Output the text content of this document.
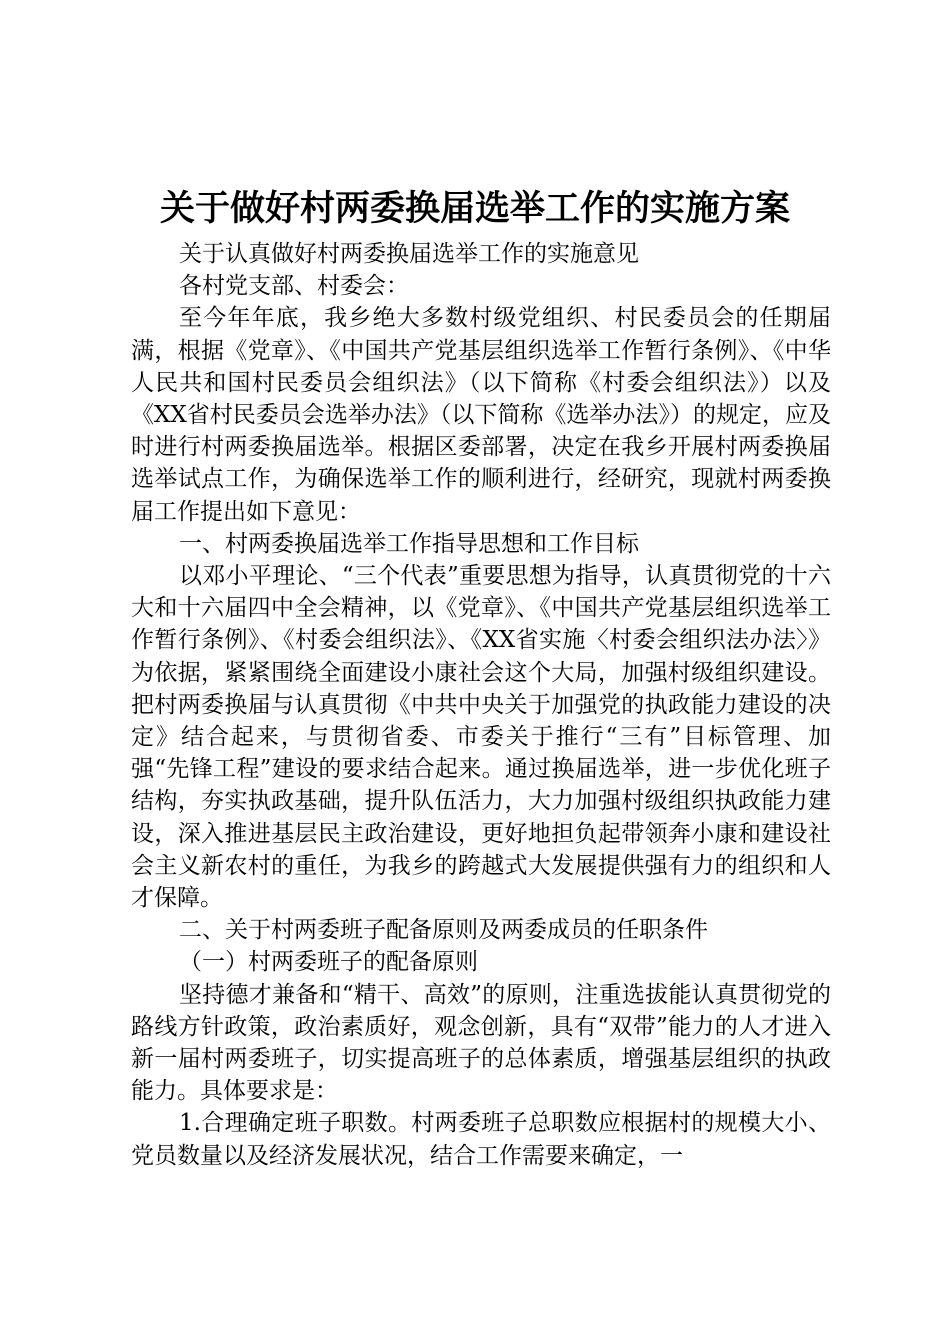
关于做好村两委换届选举工作的实施方案

关于认真做好村两委换届选举工作的实施意见

各村党支部、村委会：

至今年年底，我乡绝大多数村级党组织、村民委员会的任期届满，根据《党章》、《中国共产党基层组织选举工作暂行条例》、《中华人民共和国村民委员会组织法》（以下简称《村委会组织法》）以及《XX省村民委员会选举办法》（以下简称《选举办法》）的规定，应及时进行村两委换届选举。根据区委部署，决定在我乡开展村两委换届选举试点工作，为确保选举工作的顺利进行，经研究，现就村两委换届工作提出如下意见：

一、村两委换届选举工作指导思想和工作目标

以邓小平理论、“三个代表”重要思想为指导，认真贯彻党的十六大和十六届四中全会精神，以《党章》、《中国共产党基层组织选举工作暂行条例》、《村委会组织法》、《XX省实施〈村委会组织法办法〉》为依据，紧紧围绕全面建设小康社会这个大局，加强村级组织建设。把村两委换届与认真贯彻《中共中央关于加强党的执政能力建设的决定》结合起来，与贯彻省委、市委关于推行“三有”目标管理、加强“先锋工程”建设的要求结合起来。通过换届选举，进一步优化班子结构，夯实执政基础，提升队伍活力，大力加强村级组织执政能力建设，深入推进基层民主政治建设，更好地担负起带领奔小康和建设社会主义新农村的重任，为我乡的跨越式大发展提供强有力的组织和人才保障。

二、关于村两委班子配备原则及两委成员的任职条件

（一）村两委班子的配备原则

坚持德才兼备和“精干、高效”的原则，注重选拔能认真贯彻党的路线方针政策，政治素质好，观念创新，具有“双带”能力的人才进入新一届村两委班子，切实提高班子的总体素质，增强基层组织的执政能力。具体要求是：

1.合理确定班子职数。村两委班子总职数应根据村的规模大小、党员数量以及经济发展状况，结合工作需要来确定，一
